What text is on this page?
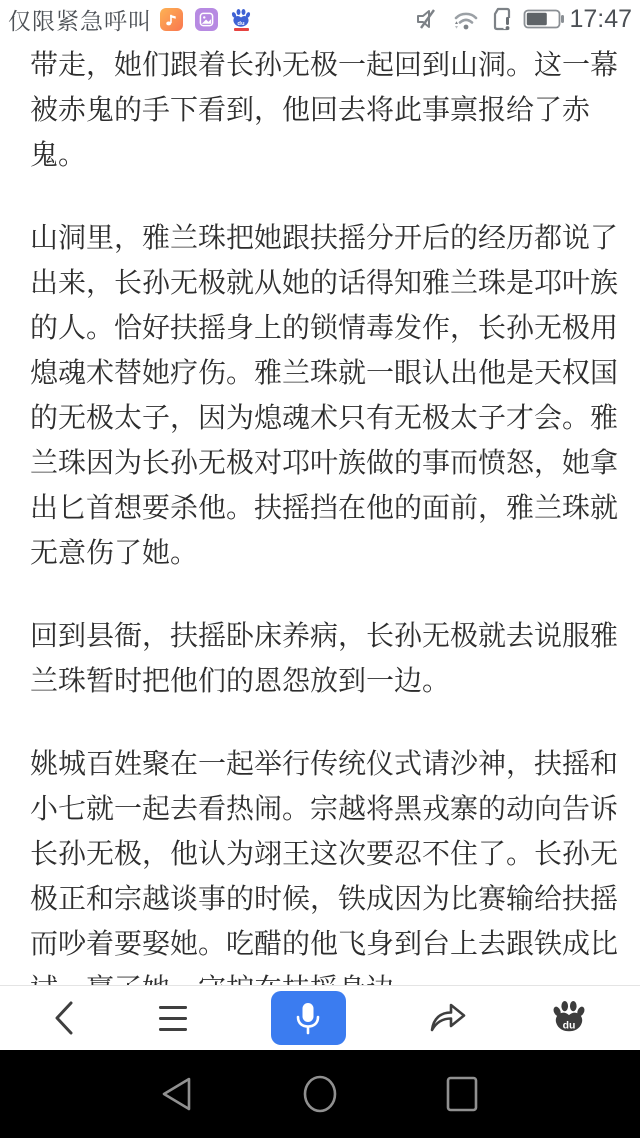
仅限紧急呼叫	du	17:47
带走，她们跟着长孙无极一起回到山洞。这一幕
被赤鬼的手下看到，他回去将此事禀报给了赤
鬼。
山洞里，雅兰珠把她跟扶摇分开后的经历都说了
出来，长孙无极就从她的话得知雅兰珠是邛叶族
的人。恰好扶摇身上的锁情毒发作，长孙无极用
熄魂术替她疗伤。雅兰珠就一眼认出他是天权国
的无极太子，因为熄魂术只有无极太子才会。雅
兰珠因为长孙无极对邛叶族做的事而愤怒，她拿
出匕首想要杀他。扶摇挡在他的面前，雅兰珠就
无意伤了她。
回到县衙，扶摇卧床养病，长孙无极就去说服雅
兰珠暂时把他们的恩怨放到一边。
姚城百姓聚在一起举行传统仪式请沙神，扶摇和
小七就一起去看热闹。宗越将黑戎寨的动向告诉
长孙无极，他认为翊王这次要忍不住了。长孙无
极正和宗越谈事的时候，铁成因为比赛输给扶摇
而吵着要娶她。吃醋的他飞身到台上去跟铁成比
du
